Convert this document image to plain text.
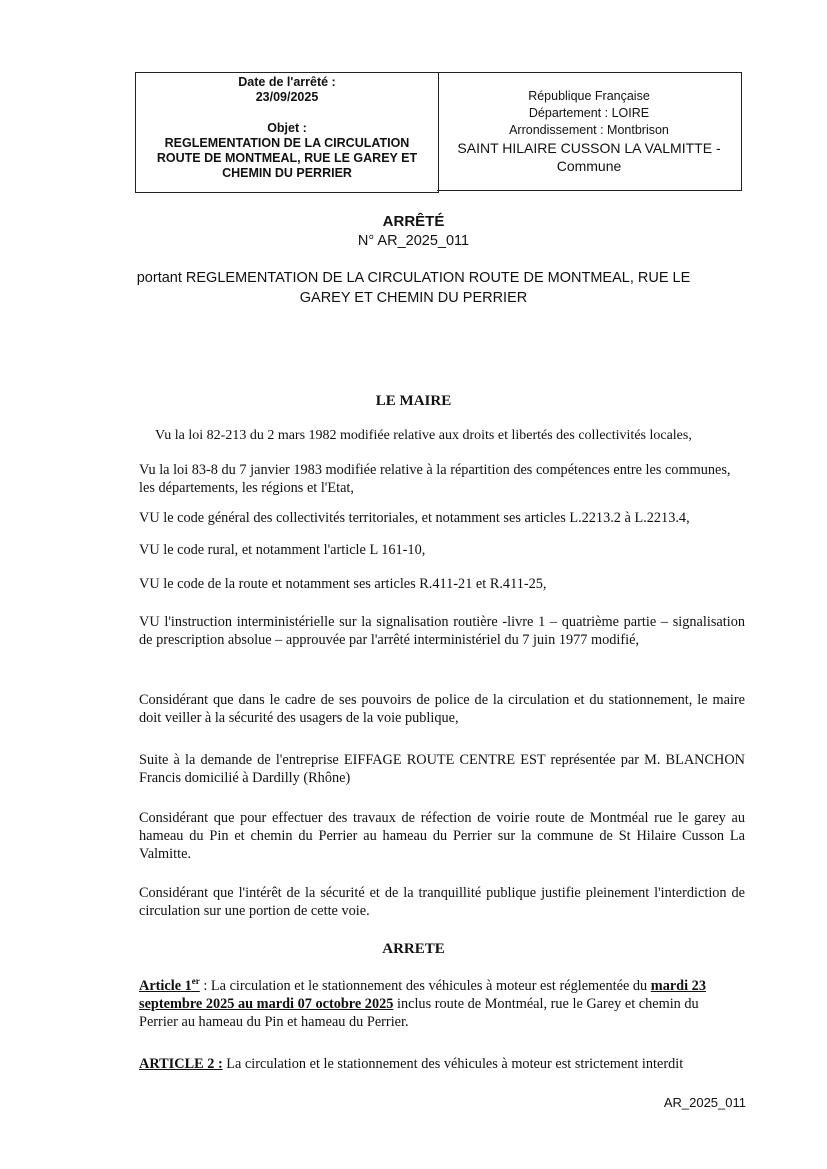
Date de l'arrêté :
23/09/2025
Objet :
REGLEMENTATION DE LA CIRCULATION
ROUTE DE MONTMEAL, RUE LE GAREY ET
CHEMIN DU PERRIER
République Française
Département : LOIRE
Arrondissement : Montbrison
SAINT HILAIRE CUSSON LA VALMITTE -
Commune
ARRÊTÉ
N° AR_2025_011
portant REGLEMENTATION DE LA CIRCULATION ROUTE DE MONTMEAL, RUE LE
GAREY ET CHEMIN DU PERRIER
LE MAIRE
Vu la loi 82-213 du 2 mars 1982 modifiée relative aux droits et libertés des collectivités locales,
Vu la loi 83-8 du 7 janvier 1983 modifiée relative à la répartition des compétences entre les communes, les départements, les régions et l'Etat,
VU le code général des collectivités territoriales, et notamment ses articles L.2213.2 à L.2213.4,
VU le code rural, et notamment l'article L 161-10,
VU le code de la route et notamment ses articles R.411-21 et R.411-25,
VU l'instruction interministérielle sur la signalisation routière -livre 1 – quatrième partie – signalisation de prescription absolue – approuvée par l'arrêté interministériel du 7 juin 1977 modifié,
Considérant que dans le cadre de ses pouvoirs de police de la circulation et du stationnement, le maire doit veiller à la sécurité des usagers de la voie publique,
Suite à la demande de l'entreprise EIFFAGE ROUTE CENTRE EST représentée par M. BLANCHON Francis domicilié à Dardilly (Rhône)
Considérant que pour effectuer des travaux de réfection de voirie route de Montméal rue le garey au hameau du Pin et chemin du Perrier au hameau du Perrier sur la commune de St Hilaire Cusson La Valmitte.
Considérant que l'intérêt de la sécurité et de la tranquillité publique justifie pleinement l'interdiction de circulation sur une portion de cette voie.
ARRETE
Article 1er : La circulation et le stationnement des véhicules à moteur est réglementée du mardi 23 septembre 2025 au mardi 07 octobre 2025 inclus route de Montméal, rue le Garey et chemin du Perrier au hameau du Pin et hameau du Perrier.
ARTICLE 2 : La circulation et le stationnement des véhicules à moteur est strictement interdit
AR_2025_011
